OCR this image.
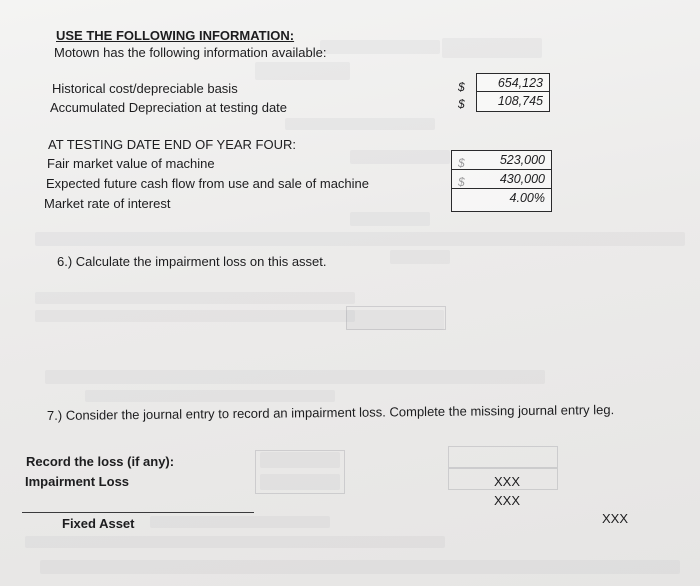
USE THE FOLLOWING INFORMATION:
Motown has the following information available:
Historical cost/depreciable basis
Accumulated Depreciation at testing date
$
$
654,123
108,745
AT TESTING DATE END OF YEAR FOUR:
Fair market value of machine
Expected future cash flow from use and sale of machine
Market rate of interest
523,000
430,000
4.00%
6.) Calculate the impairment loss on this asset.
7.) Consider the journal entry to record an impairment loss. Complete the missing journal entry leg.
Record the loss (if any):
Impairment Loss	XXX
XXX
Fixed Asset	XXX
